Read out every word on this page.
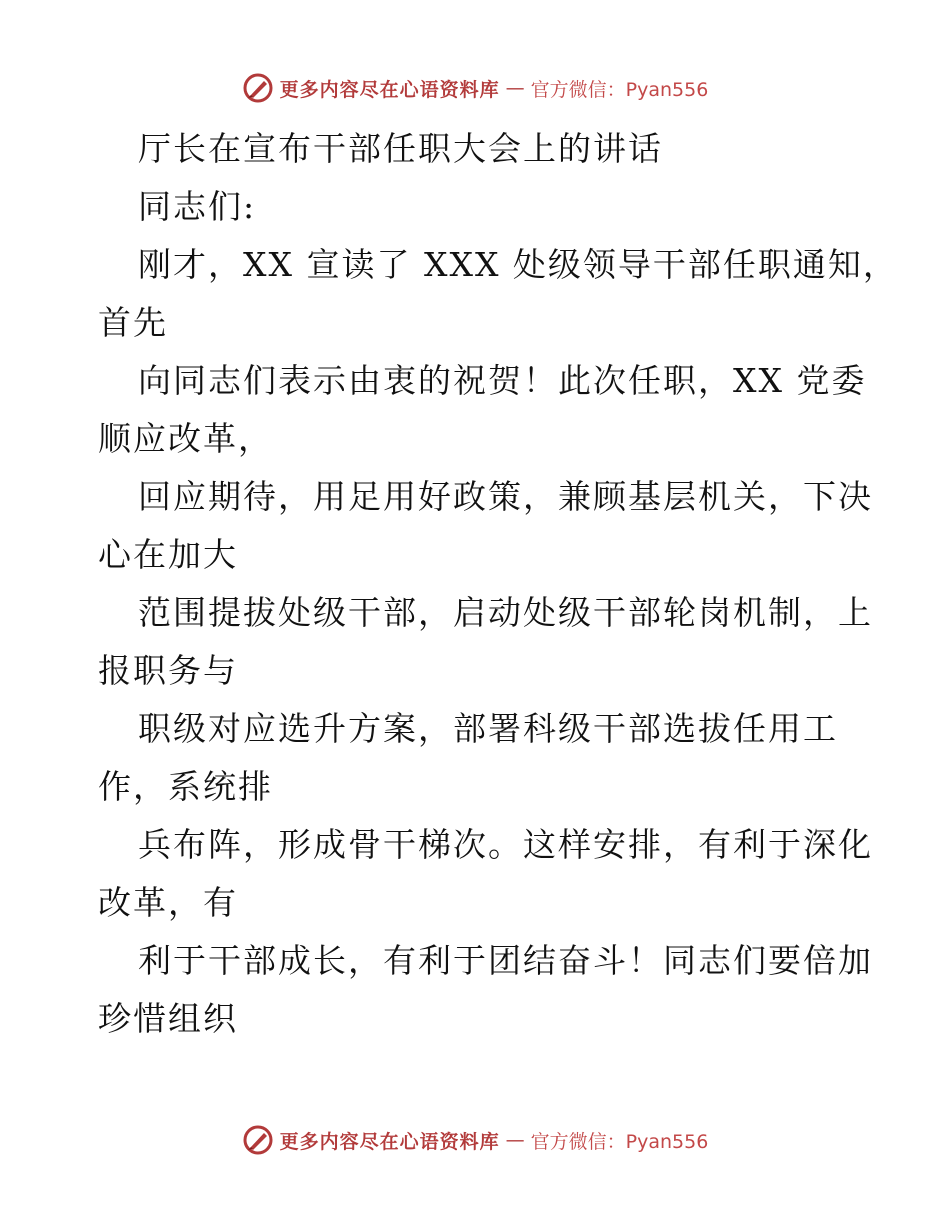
更多内容尽在心语资料库 — 官方微信：Pyan556
厅长在宣布干部任职大会上的讲话
同志们:
刚才，XX 宣读了 XXX 处级领导干部任职通知，
首先
向同志们表示由衷的祝贺！此次任职，XX 党委
顺应改革，
回应期待，用足用好政策，兼顾基层机关，下决
心在加大
范围提拔处级干部，启动处级干部轮岗机制，上
报职务与
职级对应选升方案，部署科级干部选拔任用工
作，系统排
兵布阵，形成骨干梯次。这样安排，有利于深化
改革，有
利于干部成长，有利于团结奋斗！同志们要倍加
珍惜组织
更多内容尽在心语资料库 — 官方微信：Pyan556
